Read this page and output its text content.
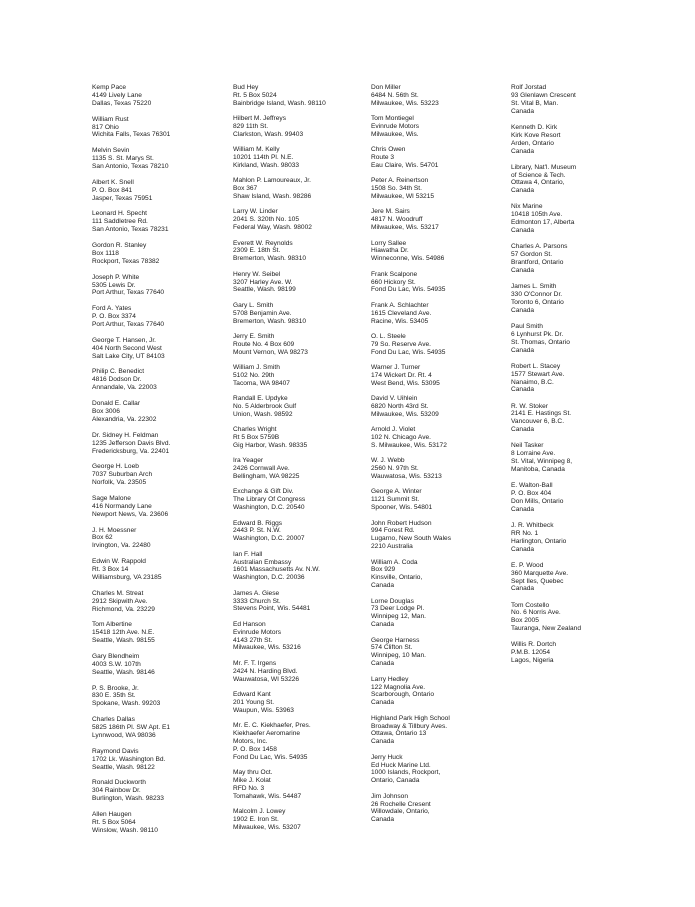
Kemp Pace
4149 Lively Lane
Dallas, Texas 75220
William Rust
817 Ohio
Wichita Falls, Texas 76301
Melvin Sevin
1135 S. St. Marys St.
San Antonio, Texas 78210
Albert K. Snell
P. O. Box 841
Jasper, Texas 75951
Leonard H. Specht
111 Saddletree Rd.
San Antonio, Texas 78231
Gordon R. Stanley
Box 1118
Rockport, Texas 78382
Joseph P. White
5305 Lewis Dr.
Port Arthur, Texas 77640
Ford A. Yates
P. O. Box 3374
Port Arthur, Texas 77640
George T. Hansen, Jr.
404 North Second West
Salt Lake City, UT 84103
Philip C. Benedict
4816 Dodson Dr.
Annandale, Va. 22003
Donald E. Callar
Box 3006
Alexandria, Va. 22302
Dr. Sidney H. Feldman
1235 Jefferson Davis Blvd.
Fredericksburg, Va. 22401
George H. Loeb
7037 Suburban Arch
Norfolk, Va. 23505
Sage Malone
416 Normandy Lane
Newport News, Va. 23606
J. H. Moessner
Box 62
Irvington, Va. 22480
Edwin W. Rappold
Rt. 3 Box 14
Williamsburg, VA 23185
Charles M. Streat
2912 Skipwith Ave.
Richmond, Va. 23229
Tom Albertine
15418 12th Ave. N.E.
Seattle, Wash. 98155
Gary Blendheim
4003 S.W. 107th
Seattle, Wash. 98146
P. S. Brooke, Jr.
830 E. 35th St.
Spokane, Wash. 99203
Charles Dallas
5825 186th Pl. SW Apt. E1
Lynnwood, WA 98036
Raymond Davis
1702 Lk. Washington Bd.
Seattle, Wash. 98122
Ronald Duckworth
304 Rainbow Dr.
Burlington, Wash. 98233
Allen Haugen
Rt. 5 Box 5064
Winslow, Wash. 98110
Bud Hey
Rt. 5 Box 5024
Bainbridge Island, Wash. 98110
Hilbert M. Jeffreys
829 11th St.
Clarkston, Wash. 99403
William M. Kelly
10201 114th Pl. N.E.
Kirkland, Wash. 98033
Mahlon P. Lamoureaux, Jr.
Box 367
Shaw Island, Wash. 98286
Larry W. Linder
2041 S. 320th No. 105
Federal Way, Wash. 98002
Everett W. Reynolds
2309 E. 18th St.
Bremerton, Wash. 98310
Henry W. Seibel
3207 Harley Ave. W.
Seattle, Wash. 98199
Gary L. Smith
5708 Benjamin Ave.
Bremerton, Wash. 98310
Jerry E. Smith
Route No. 4 Box 609
Mount Vernon, WA 98273
William J. Smith
5102 No. 29th
Tacoma, WA 98407
Randall E. Updyke
No. 5 Alderbrook Gulf
Union, Wash. 98592
Charles Wright
Rt 5 Box 5759B
Gig Harbor, Wash. 98335
Ira Yeager
2426 Cornwall Ave.
Bellingham, WA 98225
Exchange & Gift Div.
The Library Of Congress
Washington, D.C. 20540
Edward B. Riggs
2443 P. St. N.W.
Washington, D.C. 20007
Ian F. Hall
Australian Embassy
1601 Massachusetts Av. N.W.
Washington, D.C. 20036
James A. Giese
3333 Church St.
Stevens Point, Wis. 54481
Ed Hanson
Evinrude Motors
4143 27th St.
Milwaukee, Wis. 53216
Mr. F. T. Irgens
2424 N. Harding Blvd.
Wauwatosa, WI 53226
Edward Kant
201 Young St.
Waupun, Wis. 53963
Mr. E. C. Kiekhaefer, Pres.
Kiekhaefer Aeromarine
Motors, Inc.
P. O. Box 1458
Fond Du Lac, Wis. 54935
May thru Oct.
Mike J. Kolat
RFD No. 3
Tomahawk, Wis. 54487
Malcolm J. Lowey
1902 E. Iron St.
Milwaukee, Wis. 53207
Don Miller
6484 N. 56th St.
Milwaukee, Wis. 53223
Tom Montiegel
Evinrude Motors
Milwaukee, Wis.
Chris Owen
Route 3
Eau Claire, Wis. 54701
Peter A. Reinertson
1508 So. 34th St.
Milwaukee, WI 53215
Jere M. Sairs
4817 N. Woodruff
Milwaukee, Wis. 53217
Lorry Sallee
Hiawatha Dr.
Winneconne, Wis. 54986
Frank Scalpone
660 Hickory St.
Fond Du Lac, Wis. 54935
Frank A. Schlachter
1615 Cleveland Ave.
Racine, Wis. 53405
O. L. Steele
79 So. Reserve Ave.
Fond Du Lac, Wis. 54935
Warner J. Turner
174 Wickert Dr. Rt. 4
West Bend, Wis. 53095
David V. Uihlein
6820 North 43rd St.
Milwaukee, Wis. 53209
Arnold J. Violet
102 N. Chicago Ave.
S. Milwaukee, Wis. 53172
W. J. Webb
2560 N. 97th St.
Wauwatosa, Wis. 53213
George A. Winter
1121 Summit St.
Spooner, Wis. 54801
John Robert Hudson
994 Forest Rd.
Lugarno, New South Wales
2210 Australia
William A. Coda
Box 929
Kinsville, Ontario,
Canada
Lorne Douglas
73 Deer Lodge Pl.
Winnipeg 12, Man.
Canada
George Harness
574 Clifton St.
Winnipeg, 10 Man.
Canada
Larry Hedley
122 Magnolia Ave.
Scarborough, Ontario
Canada
Highland Park High School
Broadway & Tillbury Aves.
Ottawa, Ontario 13
Canada
Jerry Huck
Ed Huck Marine Ltd.
1000 Islands, Rockport,
Ontario, Canada
Jim Johnson
26 Rochelle Cresent
Willowdale, Ontario,
Canada
Rolf Jorstad
93 Glenlawn Crescent
St. Vital B, Man.
Canada
Kenneth D. Kirk
Kirk Kove Resort
Arden, Ontario
Canada
Library, Nat'l. Museum
of Science & Tech.
Ottawa 4, Ontario,
Canada
Nix Marine
10418 105th Ave.
Edmonton 17, Alberta
Canada
Charles A. Parsons
57 Gordon St.
Brantford, Ontario
Canada
James L. Smith
330 O'Connor Dr.
Toronto 6, Ontario
Canada
Paul Smith
6 Lynhurst Pk. Dr.
St. Thomas, Ontario
Canada
Robert L. Stacey
1577 Stewart Ave.
Nanaimo, B.C.
Canada
R. W. Stoker
2141 E. Hastings St.
Vancouver 6, B.C.
Canada
Neil Tasker
8 Lorraine Ave.
St. Vital, Winnipeg 8,
Manitoba, Canada
E. Walton-Ball
P. O. Box 404
Don Mills, Ontario
Canada
J. R. Whitbeck
RR No. 1
Harlington, Ontario
Canada
E. P. Wood
360 Marquette Ave.
Sept Iles, Quebec
Canada
Tom Costello
No. 6 Norris Ave.
Box 2005
Tauranga, New Zealand
Willis R. Dortch
P.M.B. 12054
Lagos, Nigeria
